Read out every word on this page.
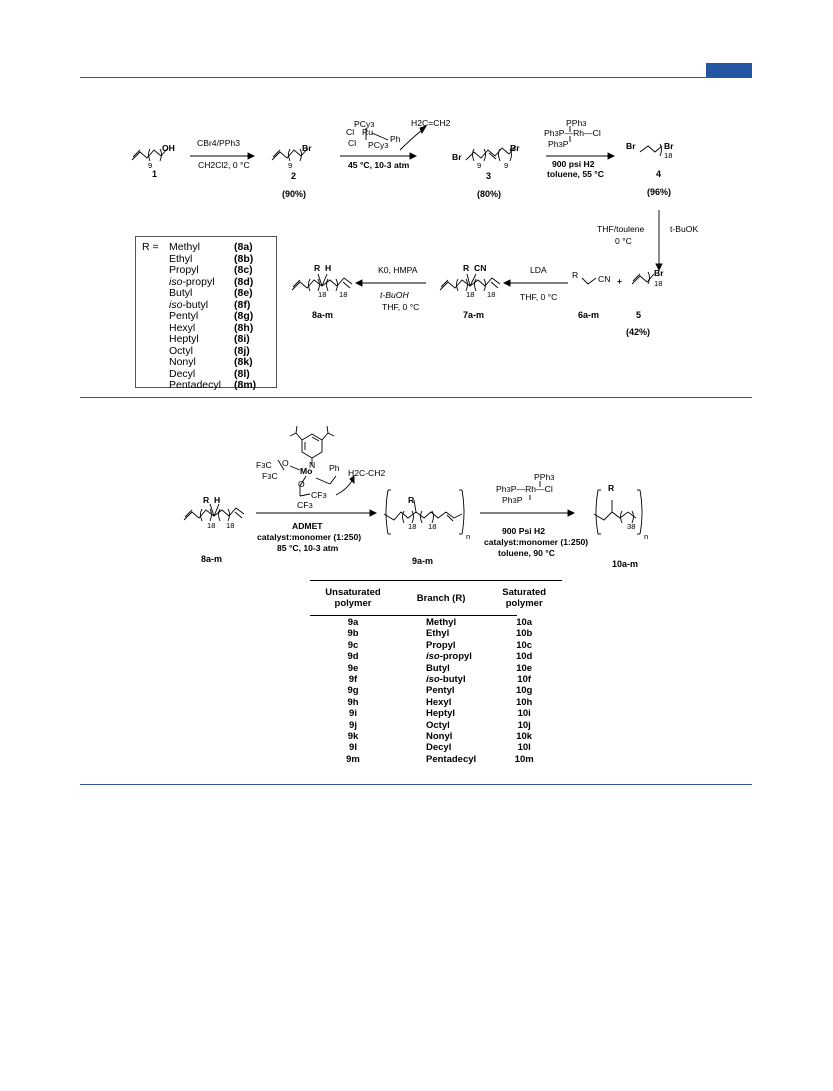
OH
9
CBr4/PPh3
CH2Cl2, 0 °C
Br
9
PCy3
Cl Ru
Cl PCy3
Ph
H2C=CH2
45 °C, 10-3 atm
Br
Br
9	9
PPh3
Ph3P—Rh—Cl
Ph3P
900 psi H2
toluene, 55 °C
Br	Br
18
1	2
(90%)
3
(80%)
4
(96%)
THF/toulene
0 °C
t-BuOK
Br
18
5
(42%)
R CN +
6a-m
LDA
THF, 0 °C
R  CN
18 18
7a-m
K0, HMPA
t-BuOH
THF, 0 °C
R  H
18 18
8a-m
R = Methyl	(8a)
Ethyl	(8b)
Propyl	(8c)
iso-propyl (8d)
Butyl	(8e)
iso-butyl (8f)
Pentyl	(8g)
Hexyl	(8h)
Heptyl	(8i)
Octyl	(8j)
Nonyl	(8k)
Decyl	(8l)
Pentadecyl (8m)
R  H
18 18
8a-m
N
Mo Ph
F3C O
F3C
O
CF3
CF3
H2C-CH2
ADMET
catalyst:monomer (1:250)
85 °C, 10-3 atm
R
18 18
n
9a-m
PPh3
Ph3P—Rh—Cl
Ph3P
900 Psi H2
catalyst:monomer (1:250)
toluene, 90 °C
R
38
n
10a-m
Unsaturated polymer	Branch (R)	Saturated polymer
9a	Methyl	10a
9b	Ethyl	10b
9c	Propyl	10c
9d	iso-propyl	10d
9e	Butyl	10e
9f	iso-butyl	10f
9g	Pentyl	10g
9h	Hexyl	10h
9i	Heptyl	10i
9j	Octyl	10j
9k	Nonyl	10k
9l	Decyl	10l
9m	Pentadecyl	10m
